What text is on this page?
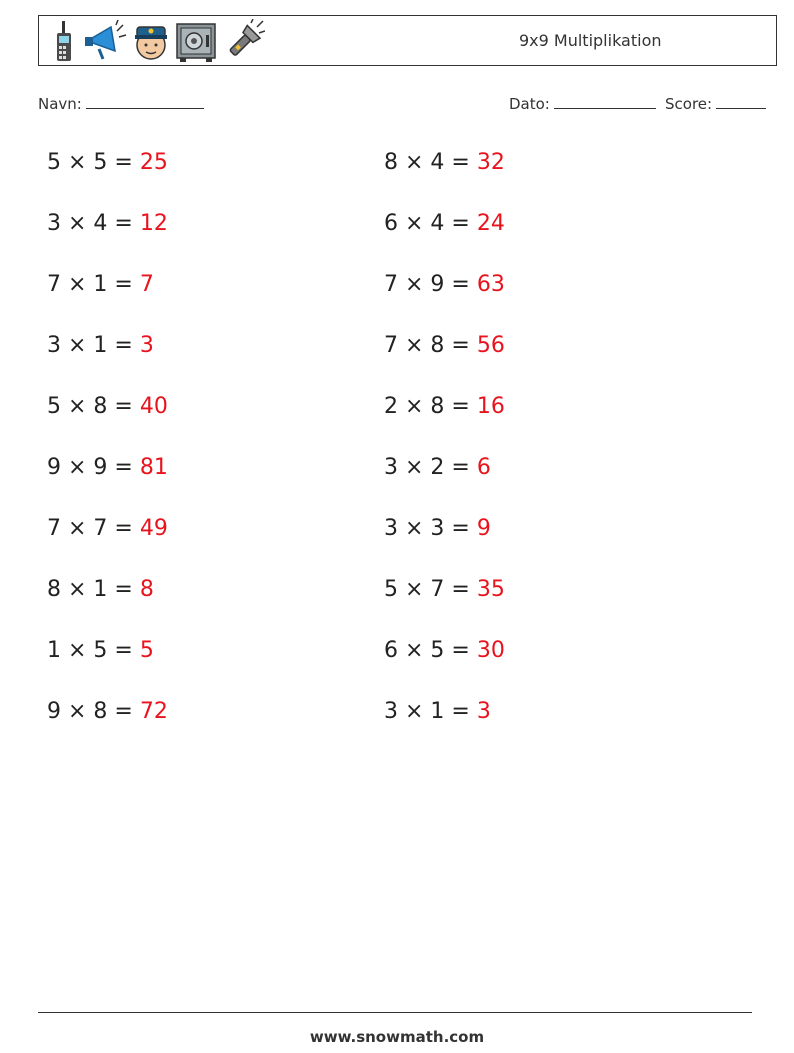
9x9 Multiplikation
Navn:	Dato:	Score:
5 × 5 = 25
3 × 4 = 12
7 × 1 = 7
3 × 1 = 3
5 × 8 = 40
9 × 9 = 81
7 × 7 = 49
8 × 1 = 8
1 × 5 = 5
9 × 8 = 72
8 × 4 = 32
6 × 4 = 24
7 × 9 = 63
7 × 8 = 56
2 × 8 = 16
3 × 2 = 6
3 × 3 = 9
5 × 7 = 35
6 × 5 = 30
3 × 1 = 3
www.snowmath.com
